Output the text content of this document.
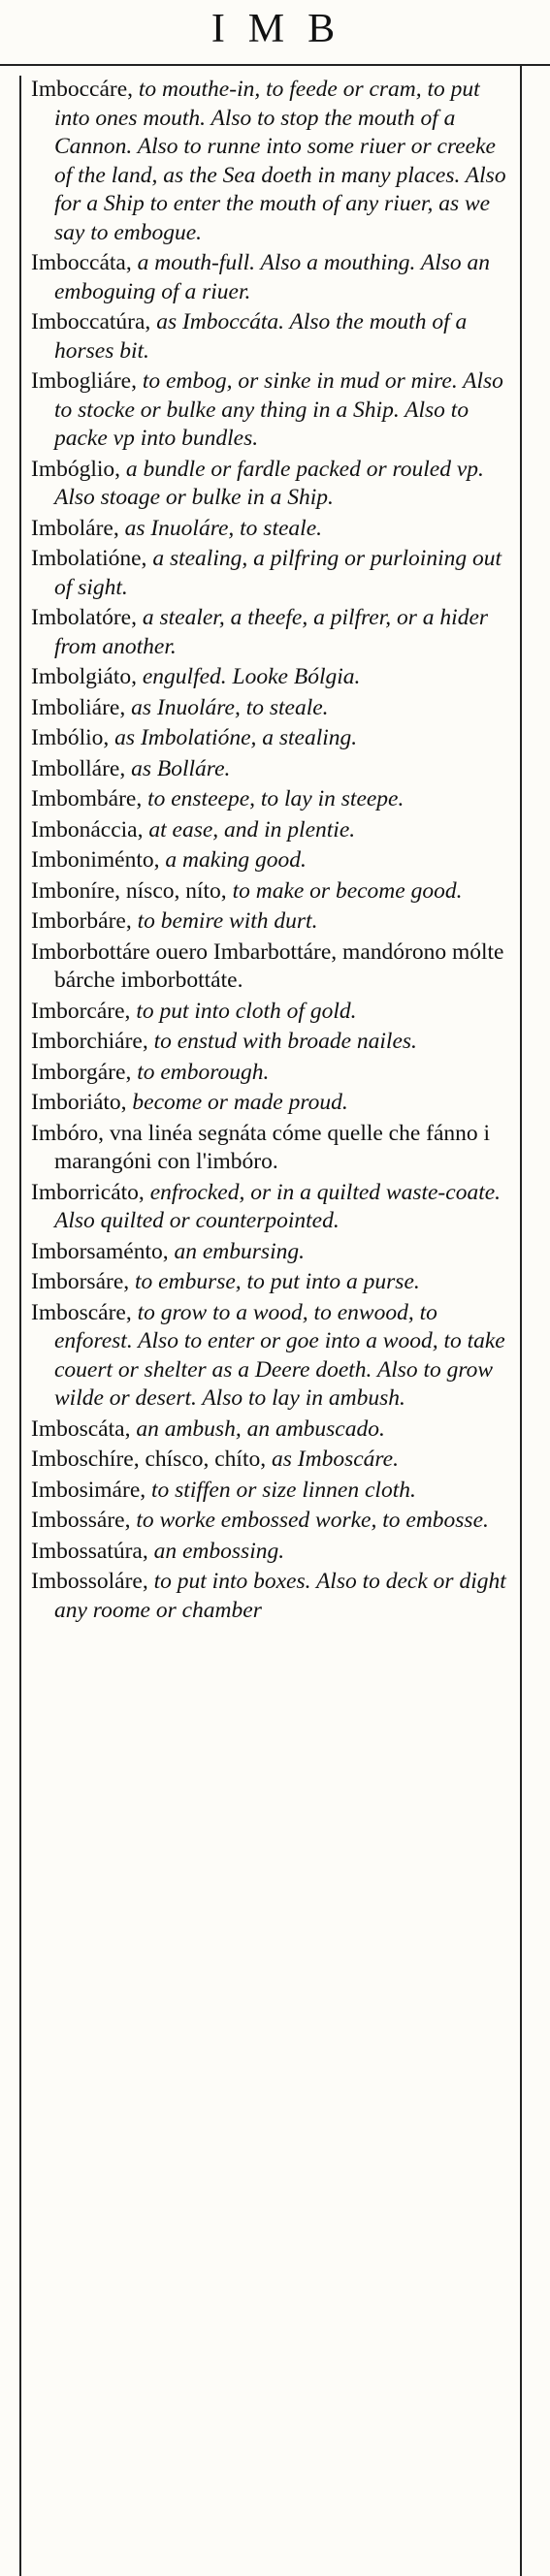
IMB
Imboccáre, to mouthe-in, to feede or cram, to put into ones mouth. Also to stop the mouth of a Cannon. Also to runne into some riuer or creeke of the land, as the Sea doeth in many places. Also for a Ship to enter the mouth of any riuer, as we say to embogue.
Imboccáta, a mouth-full. Also a mouthing. Also an emboguing of a riuer.
Imboccatúra, as Imboccáta. Also the mouth of a horses bit.
Imbogliáre, to embog, or sinke in mud or mire. Also to stocke or bulke any thing in a Ship. Also to packe vp into bundles.
Imbóglio, a bundle or fardle packed or rouled vp. Also stoage or bulke in a Ship.
Imboláre, as Inuoláre, to steale.
Imbolatióne, a stealing, a pilfring or purloining out of sight.
Imbolatóre, a stealer, a theefe, a pilfrer, or a hider from another.
Imbolgiáto, engulfed. Looke Bólgia.
Imboliáre, as Inuoláre, to steale.
Imbólio, as Imbolatióne, a stealing.
Imbolláre, as Bolláre.
Imbombáre, to ensteepe, to lay in steepe.
Imbonáccia, at ease, and in plentie.
Imboniménto, a making good.
Imboníre, nísco, níto, to make or become good.
Imborbáre, to bemire with durt.
Imborbottáre ouero Imbarbottáre, mandórono mólte bárche imborbottáte.
Imborcáre, to put into cloth of gold.
Imborchiáre, to enstud with broade nailes.
Imborgáre, to emborough.
Imboriáto, become or made proud.
Imbóro, vna linéa segnáta cóme quelle che fánno i marangóni con l'imbóro.
Imborricáto, enfrocked, or in a quilted waste-coate. Also quilted or counterpointed.
Imborsaménto, an embursing.
Imborsáre, to emburse, to put into a purse.
Imboscáre, to grow to a wood, to enwood, to enforest. Also to enter or goe into a wood, to take couert or shelter as a Deere doeth. Also to grow wilde or desert. Also to lay in ambush.
Imboscáta, an ambush, an ambuscado.
Imboschíre, chísco, chíto, as Imboscáre.
Imbosimáre, to stiffen or size linnen cloth.
Imbossáre, to worke embossed worke, to embosse.
Imbossatúra, an embossing.
Imbossoláre, to put into boxes. Also to deck or dight any roome or chamber
